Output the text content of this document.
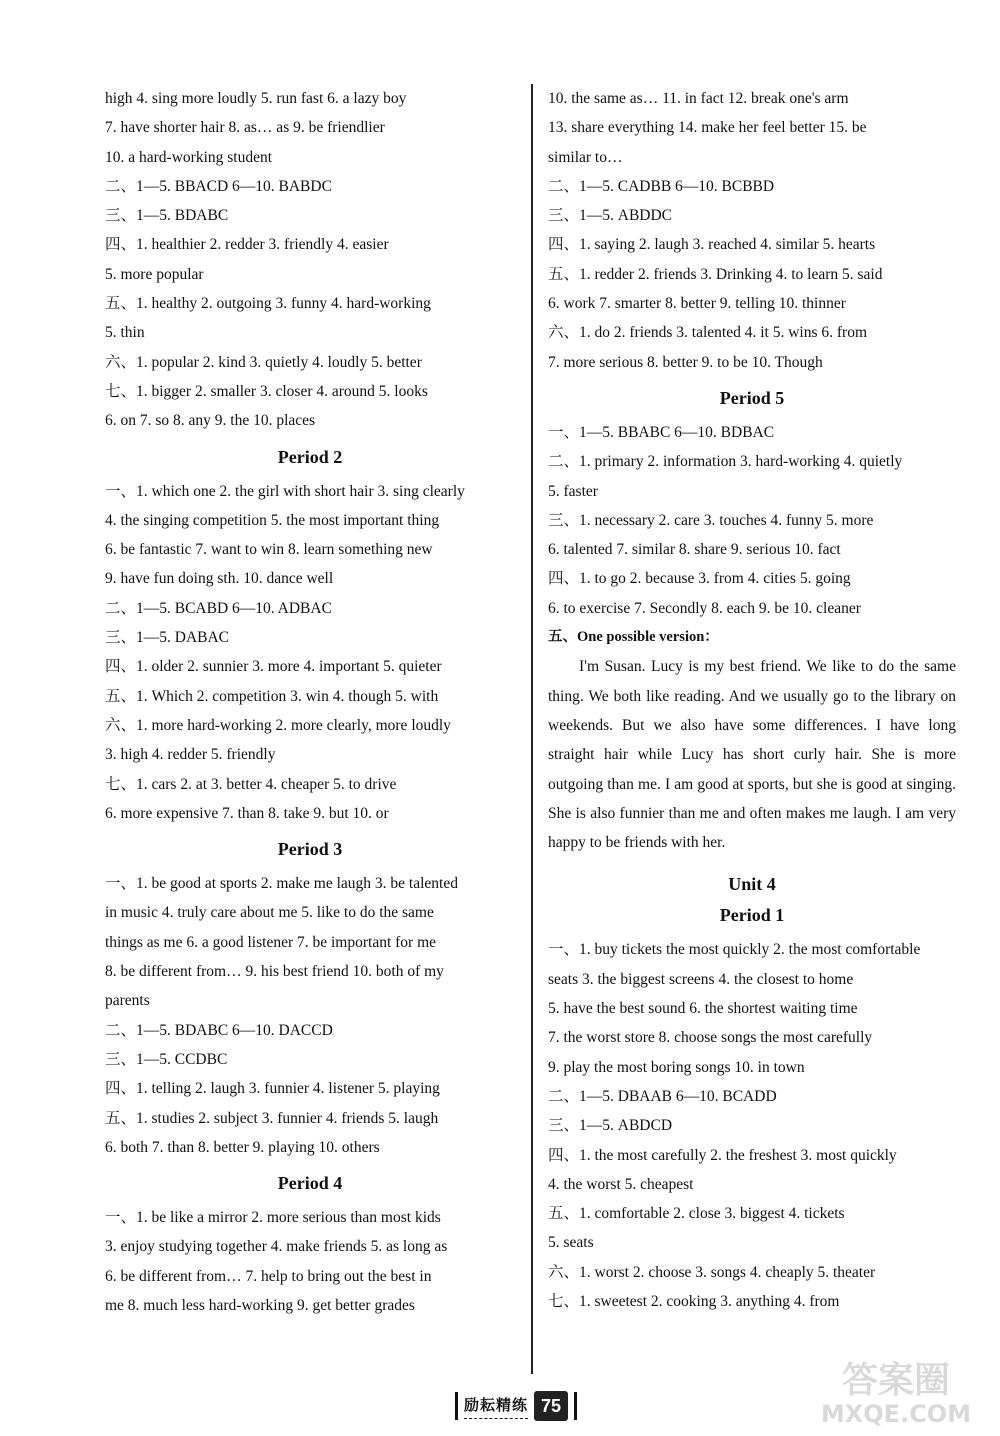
high 4. sing more loudly 5. run fast 6. a lazy boy
7. have shorter hair 8. as… as 9. be friendlier
10. a hard-working student
二、1—5. BBACD 6—10. BABDC
三、1—5. BDABC
四、1. healthier 2. redder 3. friendly 4. easier
5. more popular
五、1. healthy 2. outgoing 3. funny 4. hard-working
5. thin
六、1. popular 2. kind 3. quietly 4. loudly 5. better
七、1. bigger 2. smaller 3. closer 4. around 5. looks
6. on 7. so 8. any 9. the 10. places
Period 2
一、1. which one 2. the girl with short hair 3. sing clearly
4. the singing competition 5. the most important thing
6. be fantastic 7. want to win 8. learn something new
9. have fun doing sth. 10. dance well
二、1—5. BCABD 6—10. ADBAC
三、1—5. DABAC
四、1. older 2. sunnier 3. more 4. important 5. quieter
五、1. Which 2. competition 3. win 4. though 5. with
六、1. more hard-working 2. more clearly, more loudly
3. high 4. redder 5. friendly
七、1. cars 2. at 3. better 4. cheaper 5. to drive
6. more expensive 7. than 8. take 9. but 10. or
Period 3
一、1. be good at sports 2. make me laugh 3. be talented
in music 4. truly care about me 5. like to do the same
things as me 6. a good listener 7. be important for me
8. be different from… 9. his best friend 10. both of my
parents
二、1—5. BDABC 6—10. DACCD
三、1—5. CCDBC
四、1. telling 2. laugh 3. funnier 4. listener 5. playing
五、1. studies 2. subject 3. funnier 4. friends 5. laugh
6. both 7. than 8. better 9. playing 10. others
Period 4
一、1. be like a mirror 2. more serious than most kids
3. enjoy studying together 4. make friends 5. as long as
6. be different from… 7. help to bring out the best in
me 8. much less hard-working 9. get better grades
10. the same as… 11. in fact 12. break one's arm
13. share everything 14. make her feel better 15. be
similar to…
二、1—5. CADBB 6—10. BCBBD
三、1—5. ABDDC
四、1. saying 2. laugh 3. reached 4. similar 5. hearts
五、1. redder 2. friends 3. Drinking 4. to learn 5. said
6. work 7. smarter 8. better 9. telling 10. thinner
六、1. do 2. friends 3. talented 4. it 5. wins 6. from
7. more serious 8. better 9. to be 10. Though
Period 5
一、1—5. BBABC 6—10. BDBAC
二、1. primary 2. information 3. hard-working 4. quietly
5. faster
三、1. necessary 2. care 3. touches 4. funny 5. more
6. talented 7. similar 8. share 9. serious 10. fact
四、1. to go 2. because 3. from 4. cities 5. going
6. to exercise 7. Secondly 8. each 9. be 10. cleaner
五、One possible version：
I'm Susan. Lucy is my best friend. We like to do the same thing. We both like reading. And we usually go to the library on weekends. But we also have some differences. I have long straight hair while Lucy has short curly hair. She is more outgoing than me. I am good at sports, but she is good at singing. She is also funnier than me and often makes me laugh. I am very happy to be friends with her.
Unit 4
Period 1
一、1. buy tickets the most quickly 2. the most comfortable
seats 3. the biggest screens 4. the closest to home
5. have the best sound 6. the shortest waiting time
7. the worst store 8. choose songs the most carefully
9. play the most boring songs 10. in town
二、1—5. DBAAB 6—10. BCADD
三、1—5. ABDCD
四、1. the most carefully 2. the freshest 3. most quickly
4. the worst 5. cheapest
五、1. comfortable 2. close 3. biggest 4. tickets
5. seats
六、1. worst 2. choose 3. songs 4. cheaply 5. theater
七、1. sweetest 2. cooking 3. anything 4. from
励耘精练 75
答案圈
MXQE.COM
